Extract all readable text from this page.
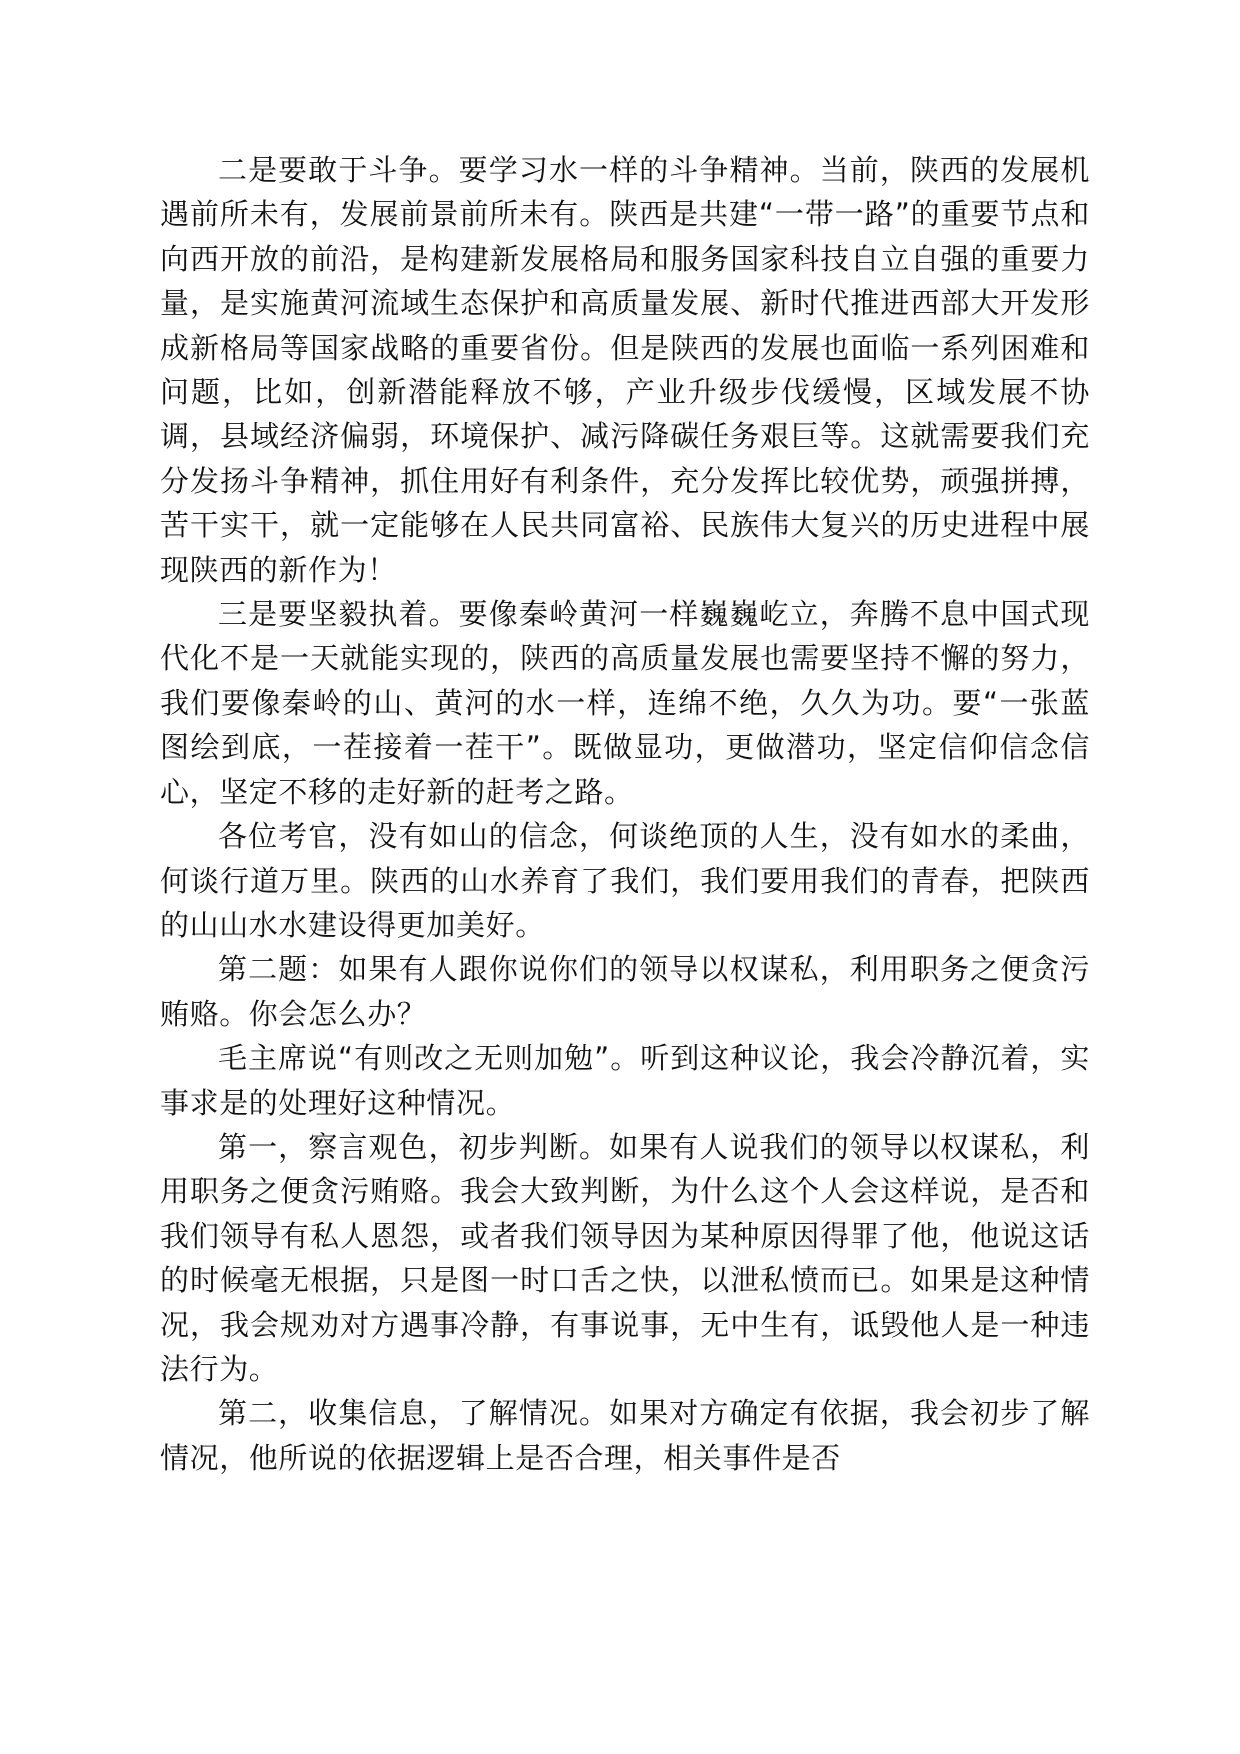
二是要敢于斗争。要学习水一样的斗争精神。当前，陕西的发展机遇前所未有，发展前景前所未有。陕西是共建“一带一路”的重要节点和向西开放的前沿，是构建新发展格局和服务国家科技自立自强的重要力量，是实施黄河流域生态保护和高质量发展、新时代推进西部大开发形成新格局等国家战略的重要省份。但是陕西的发展也面临一系列困难和问题，比如，创新潜能释放不够，产业升级步伐缓慢，区域发展不协调，县域经济偏弱，环境保护、减污降碳任务艰巨等。这就需要我们充分发扬斗争精神，抓住用好有利条件，充分发挥比较优势，顽强拼搏，苦干实干，就一定能够在人民共同富裕、民族伟大复兴的历史进程中展现陕西的新作为！

三是要坚毅执着。要像秦岭黄河一样巍巍屹立，奔腾不息中国式现代化不是一天就能实现的，陕西的高质量发展也需要坚持不懈的努力，我们要像秦岭的山、黄河的水一样，连绵不绝，久久为功。要“一张蓝图绘到底，一茬接着一茬干”。既做显功，更做潜功，坚定信仰信念信心，坚定不移的走好新的赶考之路。

各位考官，没有如山的信念，何谈绝顶的人生，没有如水的柔曲，何谈行道万里。陕西的山水养育了我们，我们要用我们的青春，把陕西的山山水水建设得更加美好。

第二题：如果有人跟你说你们的领导以权谋私，利用职务之便贪污贿赂。你会怎么办？

毛主席说“有则改之无则加勉”。听到这种议论，我会冷静沉着，实事求是的处理好这种情况。

第一，察言观色，初步判断。如果有人说我们的领导以权谋私，利用职务之便贪污贿赂。我会大致判断，为什么这个人会这样说，是否和我们领导有私人恩怨，或者我们领导因为某种原因得罪了他，他说这话的时候毫无根据，只是图一时口舌之快，以泄私愤而已。如果是这种情况，我会规劝对方遇事冷静，有事说事，无中生有，诋毁他人是一种违法行为。

第二，收集信息，了解情况。如果对方确定有依据，我会初步了解情况，他所说的依据逻辑上是否合理，相关事件是否
